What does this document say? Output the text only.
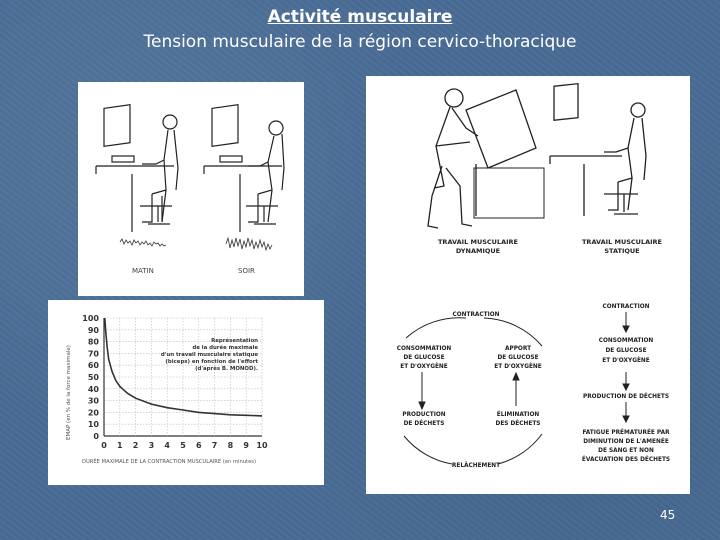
Activité musculaire
Tension musculaire de la région cervico-thoracique
MATIN	SOIR
0
10
20
30
40
50
60
70
80
90
100
0 1 2 3 4 5 6 7 8 9 10
EMAP (en % de la force maximale)
DURÉE MAXIMALE DE LA CONTRACTION MUSCULAIRE (en minutes)
Représentation
de la durée maximale
d'un travail musculaire statique
(biceps) en fonction de l'effort
(d'après B. MONOD).
TRAVAIL MUSCULAIRE
DYNAMIQUE
TRAVAIL MUSCULAIRE
STATIQUE
CONTRACTION
CONSOMMATION
DE GLUCOSE
ET D'OXYGÈNE
APPORT
DE GLUCOSE
ET D'OXYGÈNE
PRODUCTION
DE DÉCHETS
ÉLIMINATION
DES DÉCHETS
RELÂCHEMENT
CONTRACTION
CONSOMMATION
DE GLUCOSE
ET D'OXYGÈNE
PRODUCTION DE DÉCHETS
FATIGUE PRÉMATURÉE PAR
DIMINUTION DE L'AMENÉE
DE SANG ET NON
ÉVACUATION DES DÉCHETS
45
